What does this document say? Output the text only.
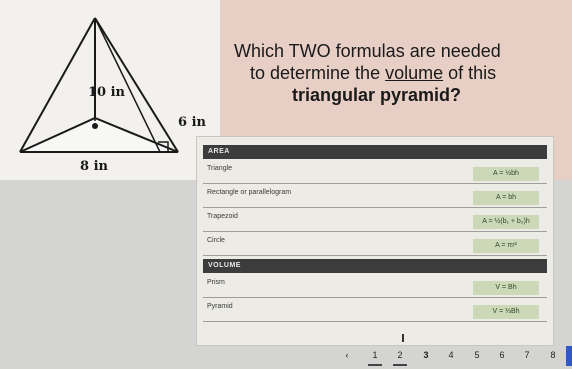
10 in
6 in
8 in
Which TWO formulas are needed
to determine the volume of this
triangular pyramid?
AREA
Triangle
A = ½bh
Rectangle or parallelogram
A = bh
Trapezoid
A = ½(b₁ + b₂)h
Circle
A = πr²
VOLUME
Prism
V = Bh
Pyramid
V = ⅓Bh
‹	1	2	3	4	5	6	7	8
